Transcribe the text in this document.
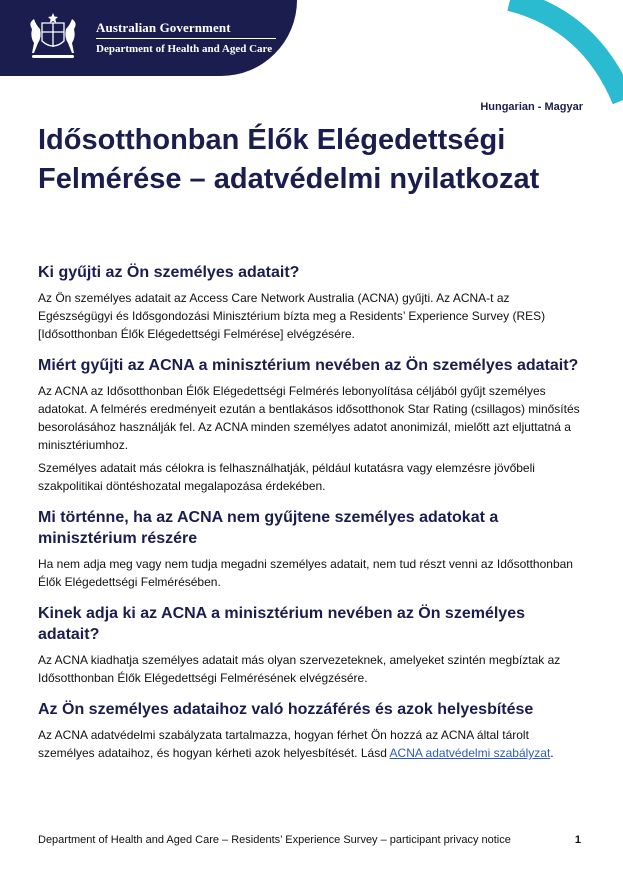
Australian Government
Department of Health and Aged Care
Hungarian - Magyar
Idősotthonban Élők Elégedettségi Felmérése – adatvédelmi nyilatkozat
Ki gyűjti az Ön személyes adatait?

Az Ön személyes adatait az Access Care Network Australia (ACNA) gyűjti. Az ACNA-t az Egészségügyi és Idősgondozási Minisztérium bízta meg a Residents’ Experience Survey (RES) [Idősotthonban Élők Elégedettségi Felmérése] elvégzésére.

Miért gyűjti az ACNA a minisztérium nevében az Ön személyes adatait?

Az ACNA az Idősotthonban Élők Elégedettségi Felmérés lebonyolítása céljából gyűjt személyes adatokat. A felmérés eredményeit ezután a bentlakásos idősotthonok Star Rating (csillagos) minősítés besorolásához használják fel. Az ACNA minden személyes adatot anonimizál, mielőtt azt eljuttatná a minisztériumhoz.

Személyes adatait más célokra is felhasználhatják, például kutatásra vagy elemzésre jövőbeli szakpolitikai döntéshozatal megalapozása érdekében.

Mi történne, ha az ACNA nem gyűjtene személyes adatokat a minisztérium részére

Ha nem adja meg vagy nem tudja megadni személyes adatait, nem tud részt venni az Idősotthonban Élők Elégedettségi Felmérésében.

Kinek adja ki az ACNA a minisztérium nevében az Ön személyes adatait?

Az ACNA kiadhatja személyes adatait más olyan szervezeteknek, amelyeket szintén megbíztak az Idősotthonban Élők Elégedettségi Felmérésének elvégzésére.

Az Ön személyes adataihoz való hozzáférés és azok helyesbítése

Az ACNA adatvédelmi szabályzata tartalmazza, hogyan férhet Ön hozzá az ACNA által tárolt személyes adataihoz, és hogyan kérheti azok helyesbítését. Lásd ACNA adatvédelmi szabályzat.

Department of Health and Aged Care – Residents’ Experience Survey – participant privacy notice	1
